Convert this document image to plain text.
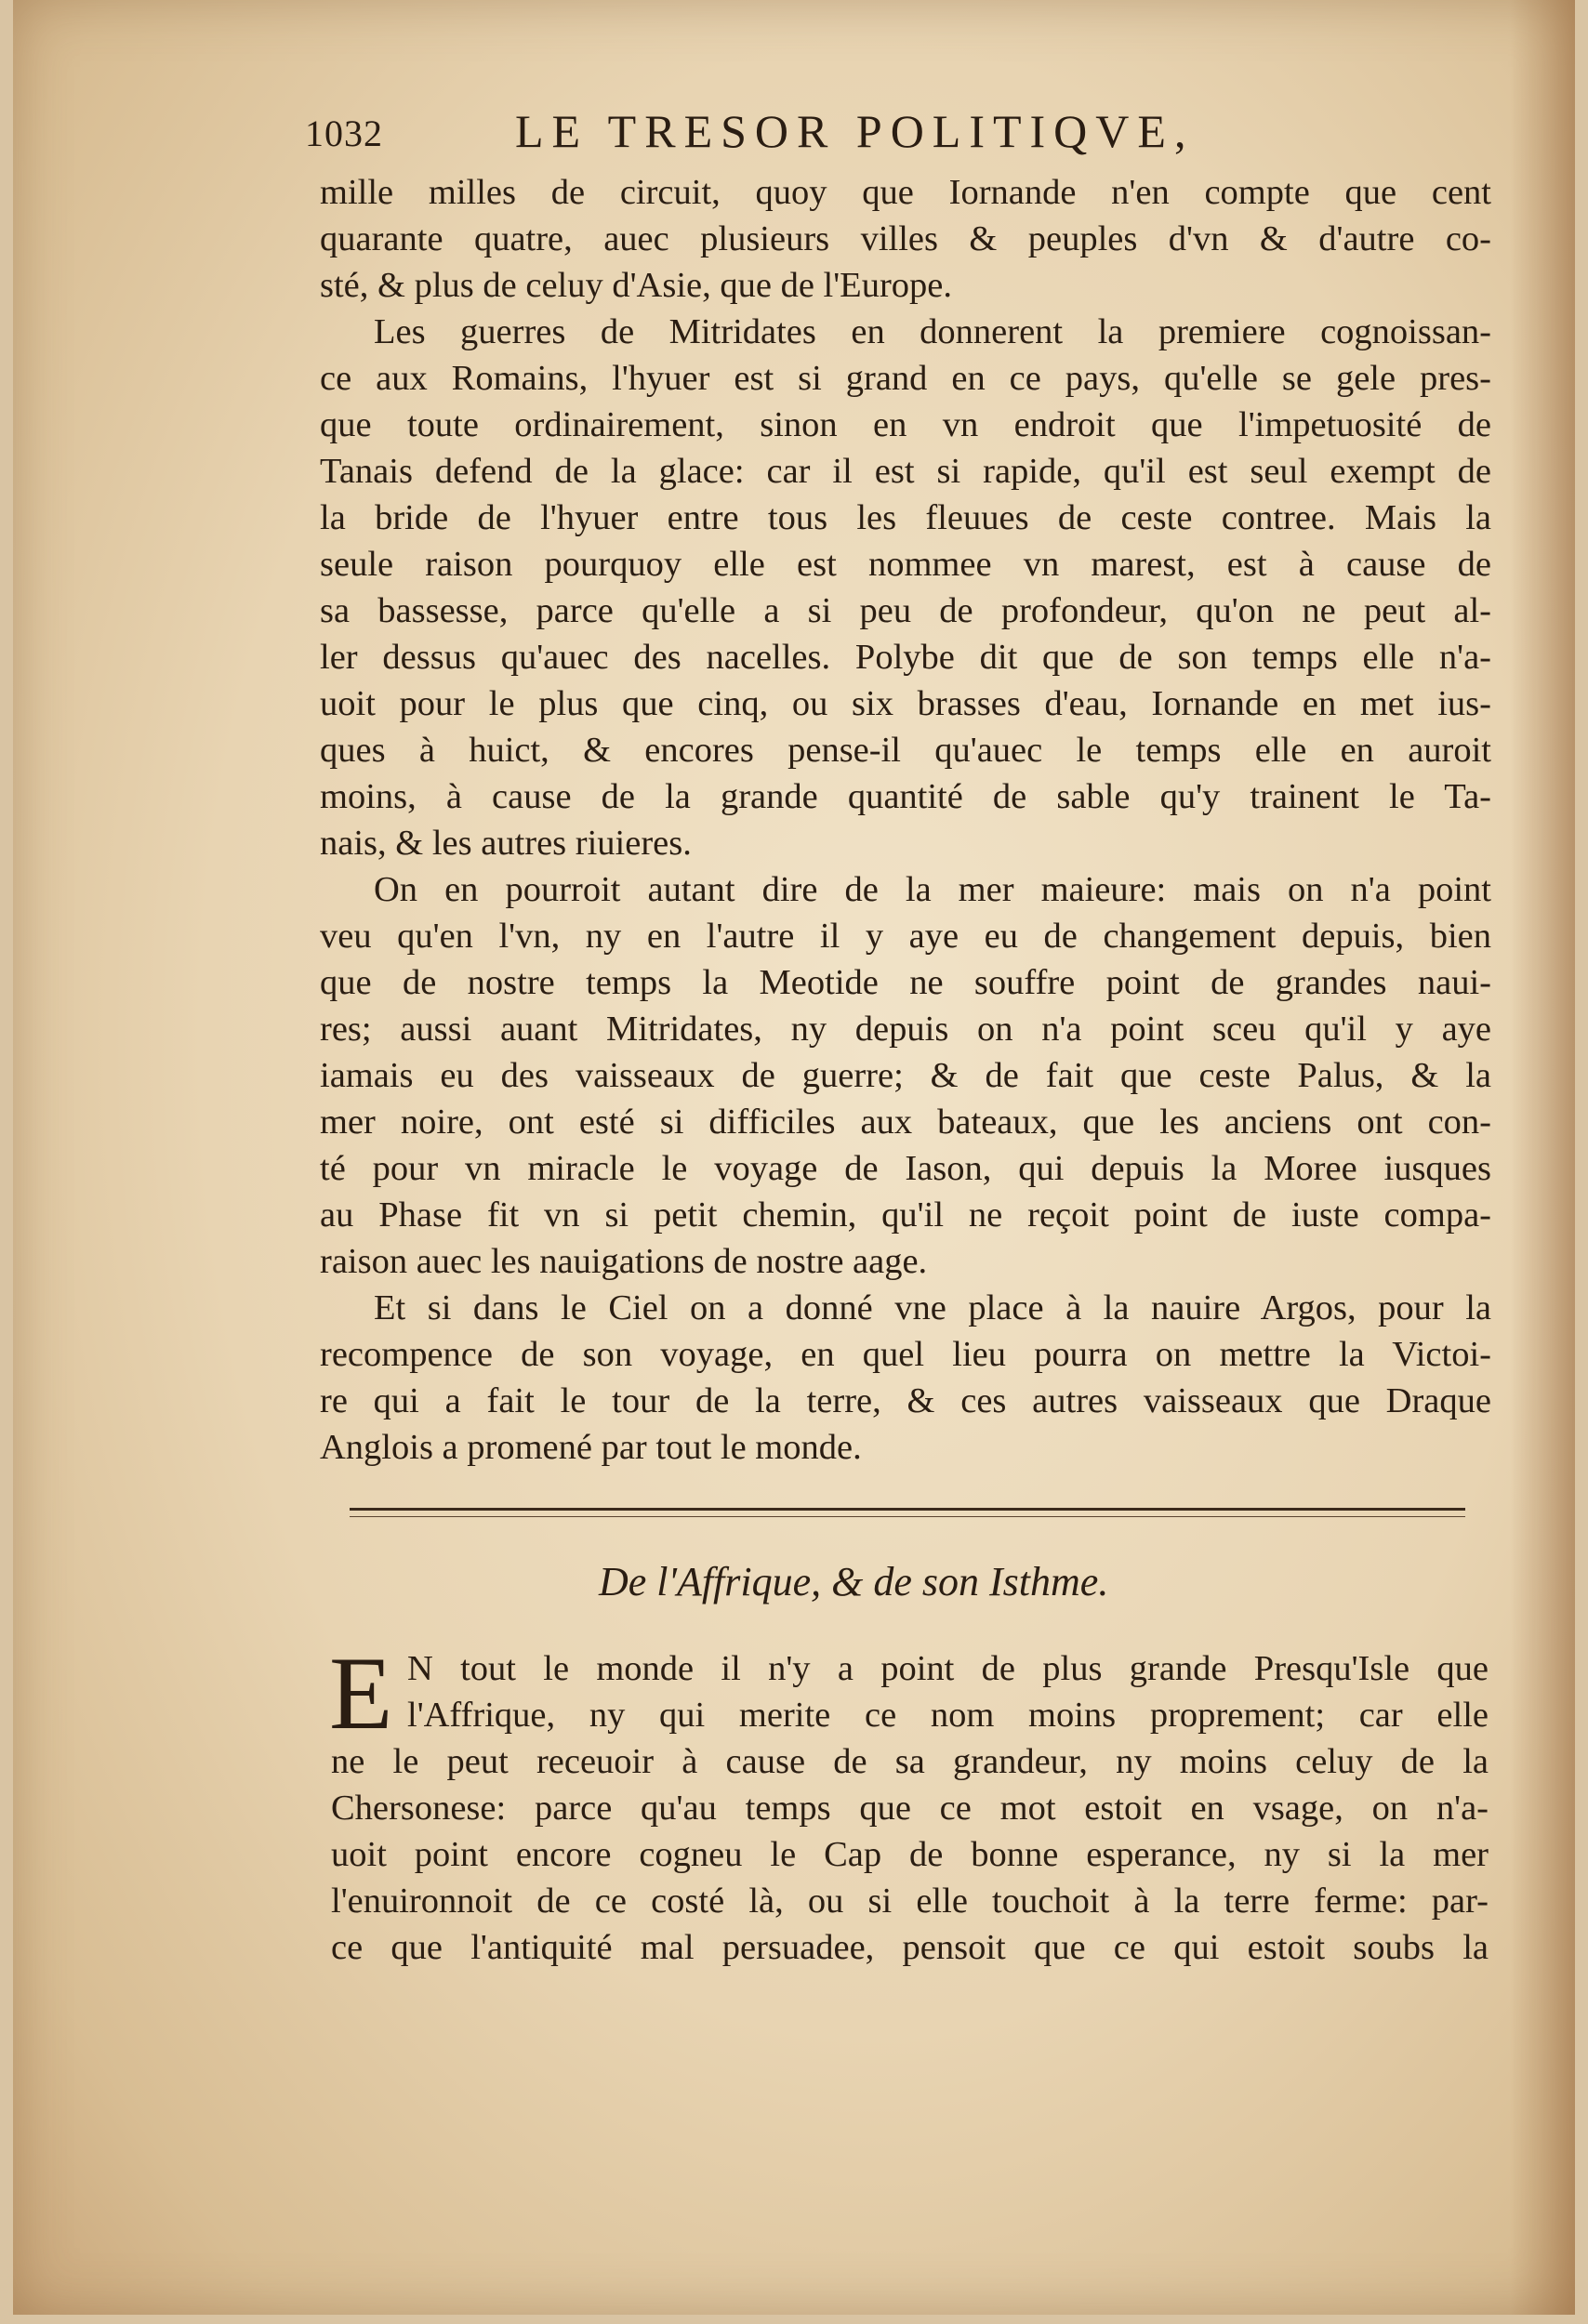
1032	LE TRESOR POLITIQVE,
mille milles de circuit, quoy que Iornande n'en compte que cent
quarante quatre, auec plusieurs villes & peuples d'vn & d'autre co-
sté, & plus de celuy d'Asie, que de l'Europe.
Les guerres de Mitridates en donnerent la premiere cognoissan-
ce aux Romains, l'hyuer est si grand en ce pays, qu'elle se gele pres-
que toute ordinairement, sinon en vn endroit que l'impetuosité de
Tanais defend de la glace: car il est si rapide, qu'il est seul exempt de
la bride de l'hyuer entre tous les fleuues de ceste contree. Mais la
seule raison pourquoy elle est nommee vn marest, est à cause de
sa bassesse, parce qu'elle a si peu de profondeur, qu'on ne peut al-
ler dessus qu'auec des nacelles. Polybe dit que de son temps elle n'a-
uoit pour le plus que cinq, ou six brasses d'eau, Iornande en met ius-
ques à huict, & encores pense-il qu'auec le temps elle en auroit
moins, à cause de la grande quantité de sable qu'y trainent le Ta-
nais, & les autres riuieres.
On en pourroit autant dire de la mer maieure: mais on n'a point
veu qu'en l'vn, ny en l'autre il y aye eu de changement depuis, bien
que de nostre temps la Meotide ne souffre point de grandes naui-
res; aussi auant Mitridates, ny depuis on n'a point sceu qu'il y aye
iamais eu des vaisseaux de guerre; & de fait que ceste Palus, & la
mer noire, ont esté si difficiles aux bateaux, que les anciens ont con-
té pour vn miracle le voyage de Iason, qui depuis la Moree iusques
au Phase fit vn si petit chemin, qu'il ne reçoit point de iuste compa-
raison auec les nauigations de nostre aage.
Et si dans le Ciel on a donné vne place à la nauire Argos, pour la
recompence de son voyage, en quel lieu pourra on mettre la Victoi-
re qui a fait le tour de la terre, & ces autres vaisseaux que Draque
Anglois a promené par tout le monde.
De l'Affrique, & de son Isthme.
E N tout le monde il n'y a point de plus grande Presqu'Isle que
l'Affrique, ny qui merite ce nom moins proprement; car elle
ne le peut receuoir à cause de sa grandeur, ny moins celuy de la
Chersonese: parce qu'au temps que ce mot estoit en vsage, on n'a-
uoit point encore cogneu le Cap de bonne esperance, ny si la mer
l'enuironnoit de ce costé là, ou si elle touchoit à la terre ferme: par-
ce que l'antiquité mal persuadee, pensoit que ce qui estoit soubs la
